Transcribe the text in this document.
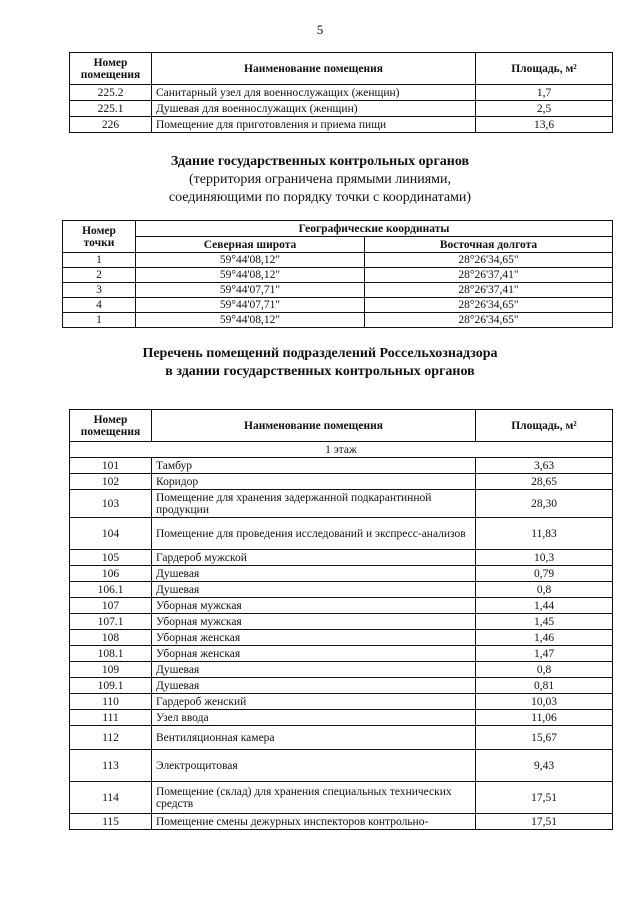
5
Номер помещения	Наименование помещения	Площадь, м²
225.2	Санитарный узел для военнослужащих (женщин)	1,7
225.1	Душевая для военнослужащих (женщин)	2,5
226	Помещение для приготовления и приема пищи	13,6
Здание государственных контрольных органов
(территория ограничена прямыми линиями,
соединяющими по порядку точки с координатами)
Номер точки	Географические координаты	
	Северная широта	Восточная долгота
1	59°44'08,12"	28°26'34,65"
2	59°44'08,12"	28°26'37,41"
3	59°44'07,71"	28°26'37,41"
4	59°44'07,71"	28°26'34,65"
1	59°44'08,12"	28°26'34,65"
Перечень помещений подразделений Россельхознадзора
в здании государственных контрольных органов
Номер помещения	Наименование помещения	Площадь, м²
1 этаж		
101	Тамбур	3,63
102	Коридор	28,65
103	Помещение для хранения задержанной подкарантинной продукции	28,30
104	Помещение для проведения исследований и экспресс-анализов	11,83
105	Гардероб мужской	10,3
106	Душевая	0,79
106.1	Душевая	0,8
107	Уборная мужская	1,44
107.1	Уборная мужская	1,45
108	Уборная женская	1,46
108.1	Уборная женская	1,47
109	Душевая	0,8
109.1	Душевая	0,81
110	Гардероб женский	10,03
111	Узел ввода	11,06
112	Вентиляционная камера	15,67
113	Электрощитовая	9,43
114	Помещение (склад) для хранения специальных технических средств	17,51
115	Помещение смены дежурных инспекторов контрольно-	17,51
